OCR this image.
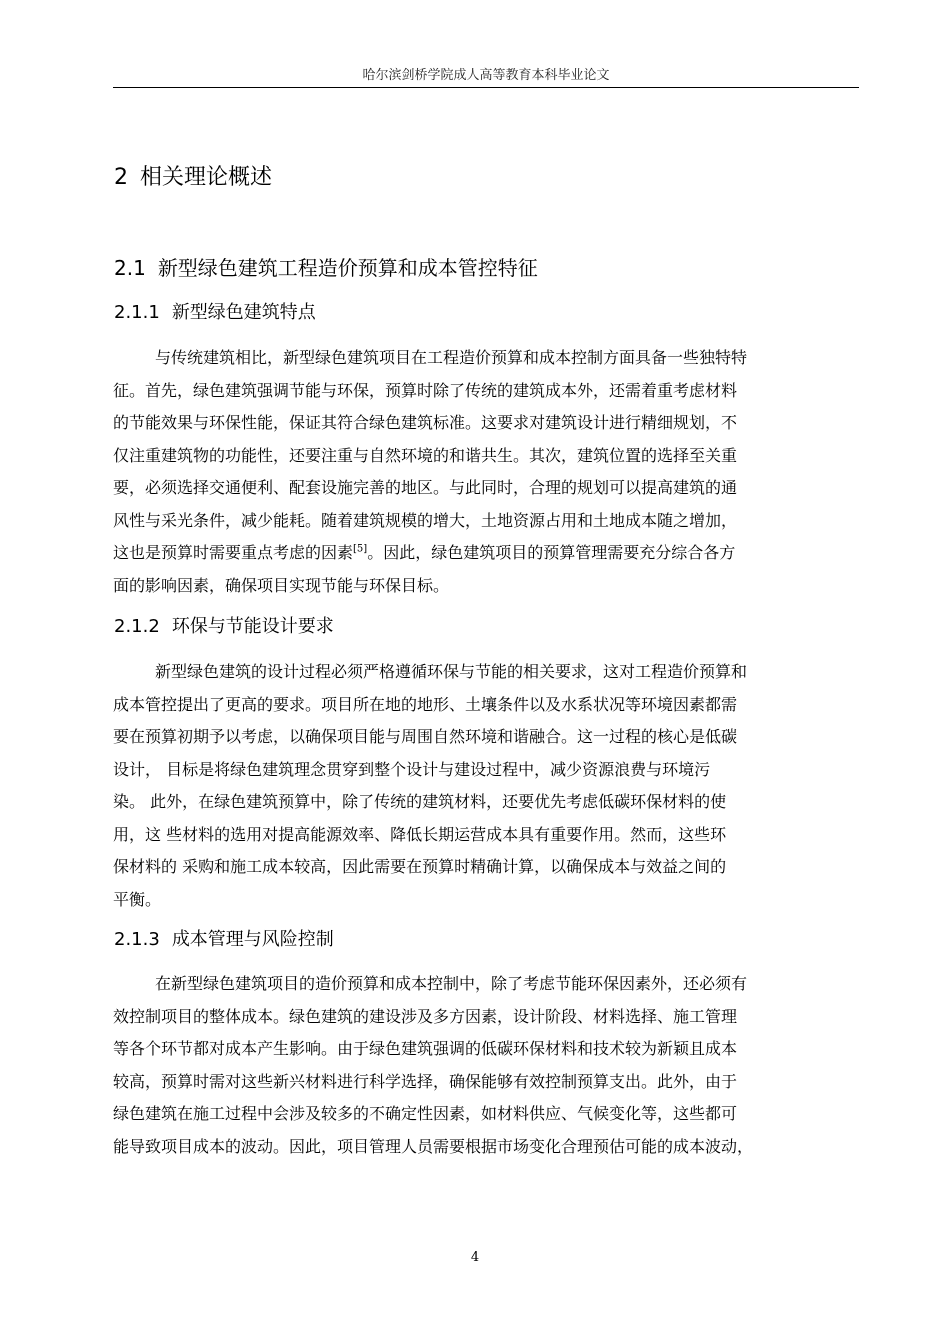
哈尔滨剑桥学院成人高等教育本科毕业论文
2 相关理论概述
2.1 新型绿色建筑工程造价预算和成本管控特征
2.1.1 新型绿色建筑特点
与传统建筑相比，新型绿色建筑项目在工程造价预算和成本控制方面具备一些独特特
征。首先，绿色建筑强调节能与环保，预算时除了传统的建筑成本外，还需着重考虑材料
的节能效果与环保性能，保证其符合绿色建筑标准。这要求对建筑设计进行精细规划，不
仅注重建筑物的功能性，还要注重与自然环境的和谐共生。其次，建筑位置的选择至关重
要，必须选择交通便利、配套设施完善的地区。与此同时，合理的规划可以提高建筑的通
风性与采光条件，减少能耗。随着建筑规模的增大，土地资源占用和土地成本随之增加，
这也是预算时需要重点考虑的因素[5]。因此，绿色建筑项目的预算管理需要充分综合各方
面的影响因素，确保项目实现节能与环保目标。
2.1.2 环保与节能设计要求
新型绿色建筑的设计过程必须严格遵循环保与节能的相关要求，这对工程造价预算和
成本管控提出了更高的要求。项目所在地的地形、土壤条件以及水系状况等环境因素都需
要在预算初期予以考虑，以确保项目能与周围自然环境和谐融合。这一过程的核心是低碳
设计， 目标是将绿色建筑理念贯穿到整个设计与建设过程中，减少资源浪费与环境污
染。 此外，在绿色建筑预算中，除了传统的建筑材料，还要优先考虑低碳环保材料的使
用，这 些材料的选用对提高能源效率、降低长期运营成本具有重要作用。然而，这些环
保材料的 采购和施工成本较高，因此需要在预算时精确计算，以确保成本与效益之间的
平衡。
2.1.3 成本管理与风险控制
在新型绿色建筑项目的造价预算和成本控制中，除了考虑节能环保因素外，还必须有
效控制项目的整体成本。绿色建筑的建设涉及多方因素，设计阶段、材料选择、施工管理
等各个环节都对成本产生影响。由于绿色建筑强调的低碳环保材料和技术较为新颖且成本
较高，预算时需对这些新兴材料进行科学选择，确保能够有效控制预算支出。此外，由于
绿色建筑在施工过程中会涉及较多的不确定性因素，如材料供应、气候变化等，这些都可
能导致项目成本的波动。因此，项目管理人员需要根据市场变化合理预估可能的成本波动，
4
